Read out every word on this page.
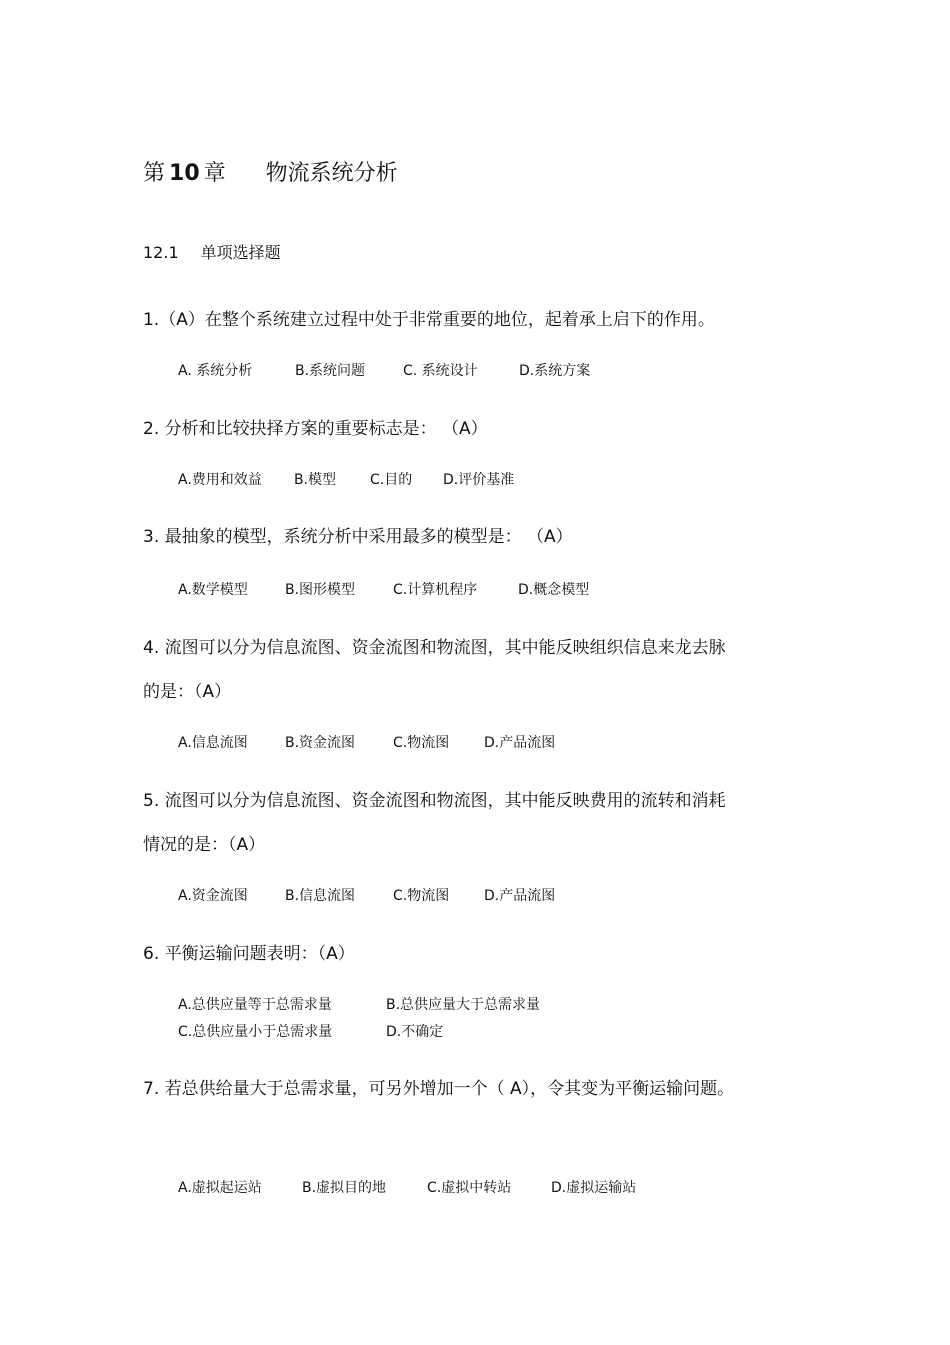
第 10 章 物流系统分析
12.1 单项选择题
1.（A）在整个系统建立过程中处于非常重要的地位，起着承上启下的作用。
A. 系统分析	B.系统问题	C. 系统设计	D.系统方案
2. 分析和比较抉择方案的重要标志是： （A）
A.费用和效益 B.模型 C.目的 D.评价基准
3. 最抽象的模型，系统分析中采用最多的模型是： （A）
A.数学模型	B.图形模型	C.计算机程序	D.概念模型
4. 流图可以分为信息流图、资金流图和物流图，其中能反映组织信息来龙去脉
的是：（A）
A.信息流图	B.资金流图	C.物流图 D.产品流图
5. 流图可以分为信息流图、资金流图和物流图，其中能反映费用的流转和消耗
情况的是：（A）
A.资金流图	B.信息流图	C.物流图 D.产品流图
6. 平衡运输问题表明：（A）
A.总供应量等于总需求量	B.总供应量大于总需求量
C.总供应量小于总需求量	D.不确定
7. 若总供给量大于总需求量，可另外增加一个（ A），令其变为平衡运输问题。
A.虚拟起运站	B.虚拟目的地	C.虚拟中转站	D.虚拟运输站
